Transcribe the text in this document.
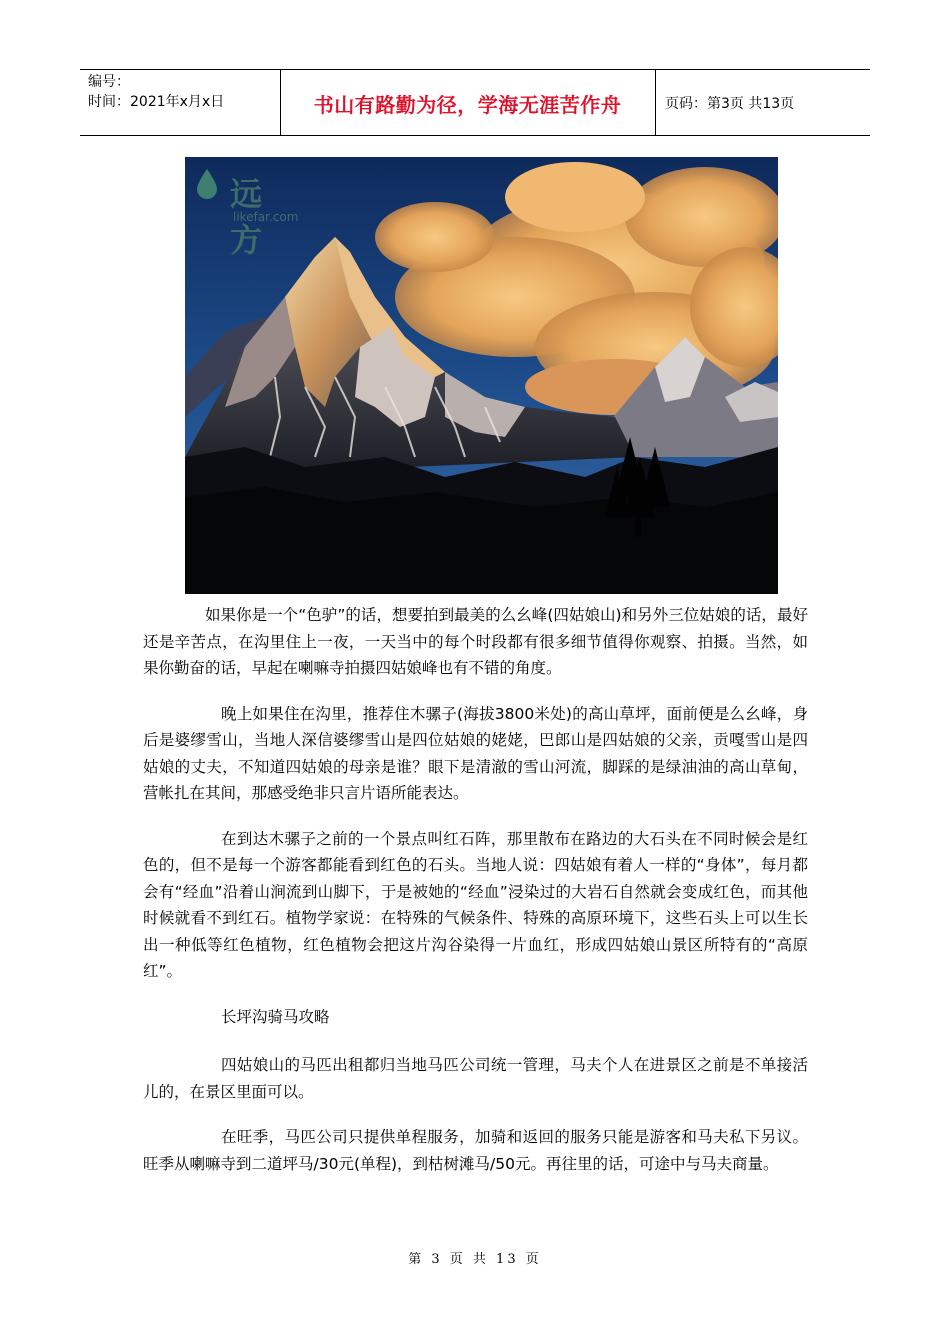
编号：
时间：2021年x月x日	书山有路勤为径，学海无涯苦作舟	页码：第3页 共13页
远方
likefar.com

如果你是一个“色驴”的话，想要拍到最美的么幺峰(四姑娘山)和另外三位姑娘的话，最好还是辛苦点，在沟里住上一夜，一天当中的每个时段都有很多细节值得你观察、拍摄。当然，如果你勤奋的话，早起在喇嘛寺拍摄四姑娘峰也有不错的角度。

晚上如果住在沟里，推荐住木骡子(海拔3800米处)的高山草坪，面前便是么幺峰，身后是婆缪雪山，当地人深信婆缪雪山是四位姑娘的姥姥，巴郎山是四姑娘的父亲，贡嘎雪山是四姑娘的丈夫，不知道四姑娘的母亲是谁？眼下是清澈的雪山河流，脚踩的是绿油油的高山草甸，营帐扎在其间，那感受绝非只言片语所能表达。

在到达木骡子之前的一个景点叫红石阵，那里散布在路边的大石头在不同时候会是红色的，但不是每一个游客都能看到红色的石头。当地人说：四姑娘有着人一样的“身体”，每月都会有“经血”沿着山涧流到山脚下，于是被她的“经血”浸染过的大岩石自然就会变成红色，而其他时候就看不到红石。植物学家说：在特殊的气候条件、特殊的高原环境下，这些石头上可以生长出一种低等红色植物，红色植物会把这片沟谷染得一片血红，形成四姑娘山景区所特有的“高原红”。

长坪沟骑马攻略

四姑娘山的马匹出租都归当地马匹公司统一管理，马夫个人在进景区之前是不单接活儿的，在景区里面可以。

在旺季，马匹公司只提供单程服务，加骑和返回的服务只能是游客和马夫私下另议。旺季从喇嘛寺到二道坪马/30元(单程)，到枯树滩马/50元。再往里的话，可途中与马夫商量。

第 3 页 共 13 页
